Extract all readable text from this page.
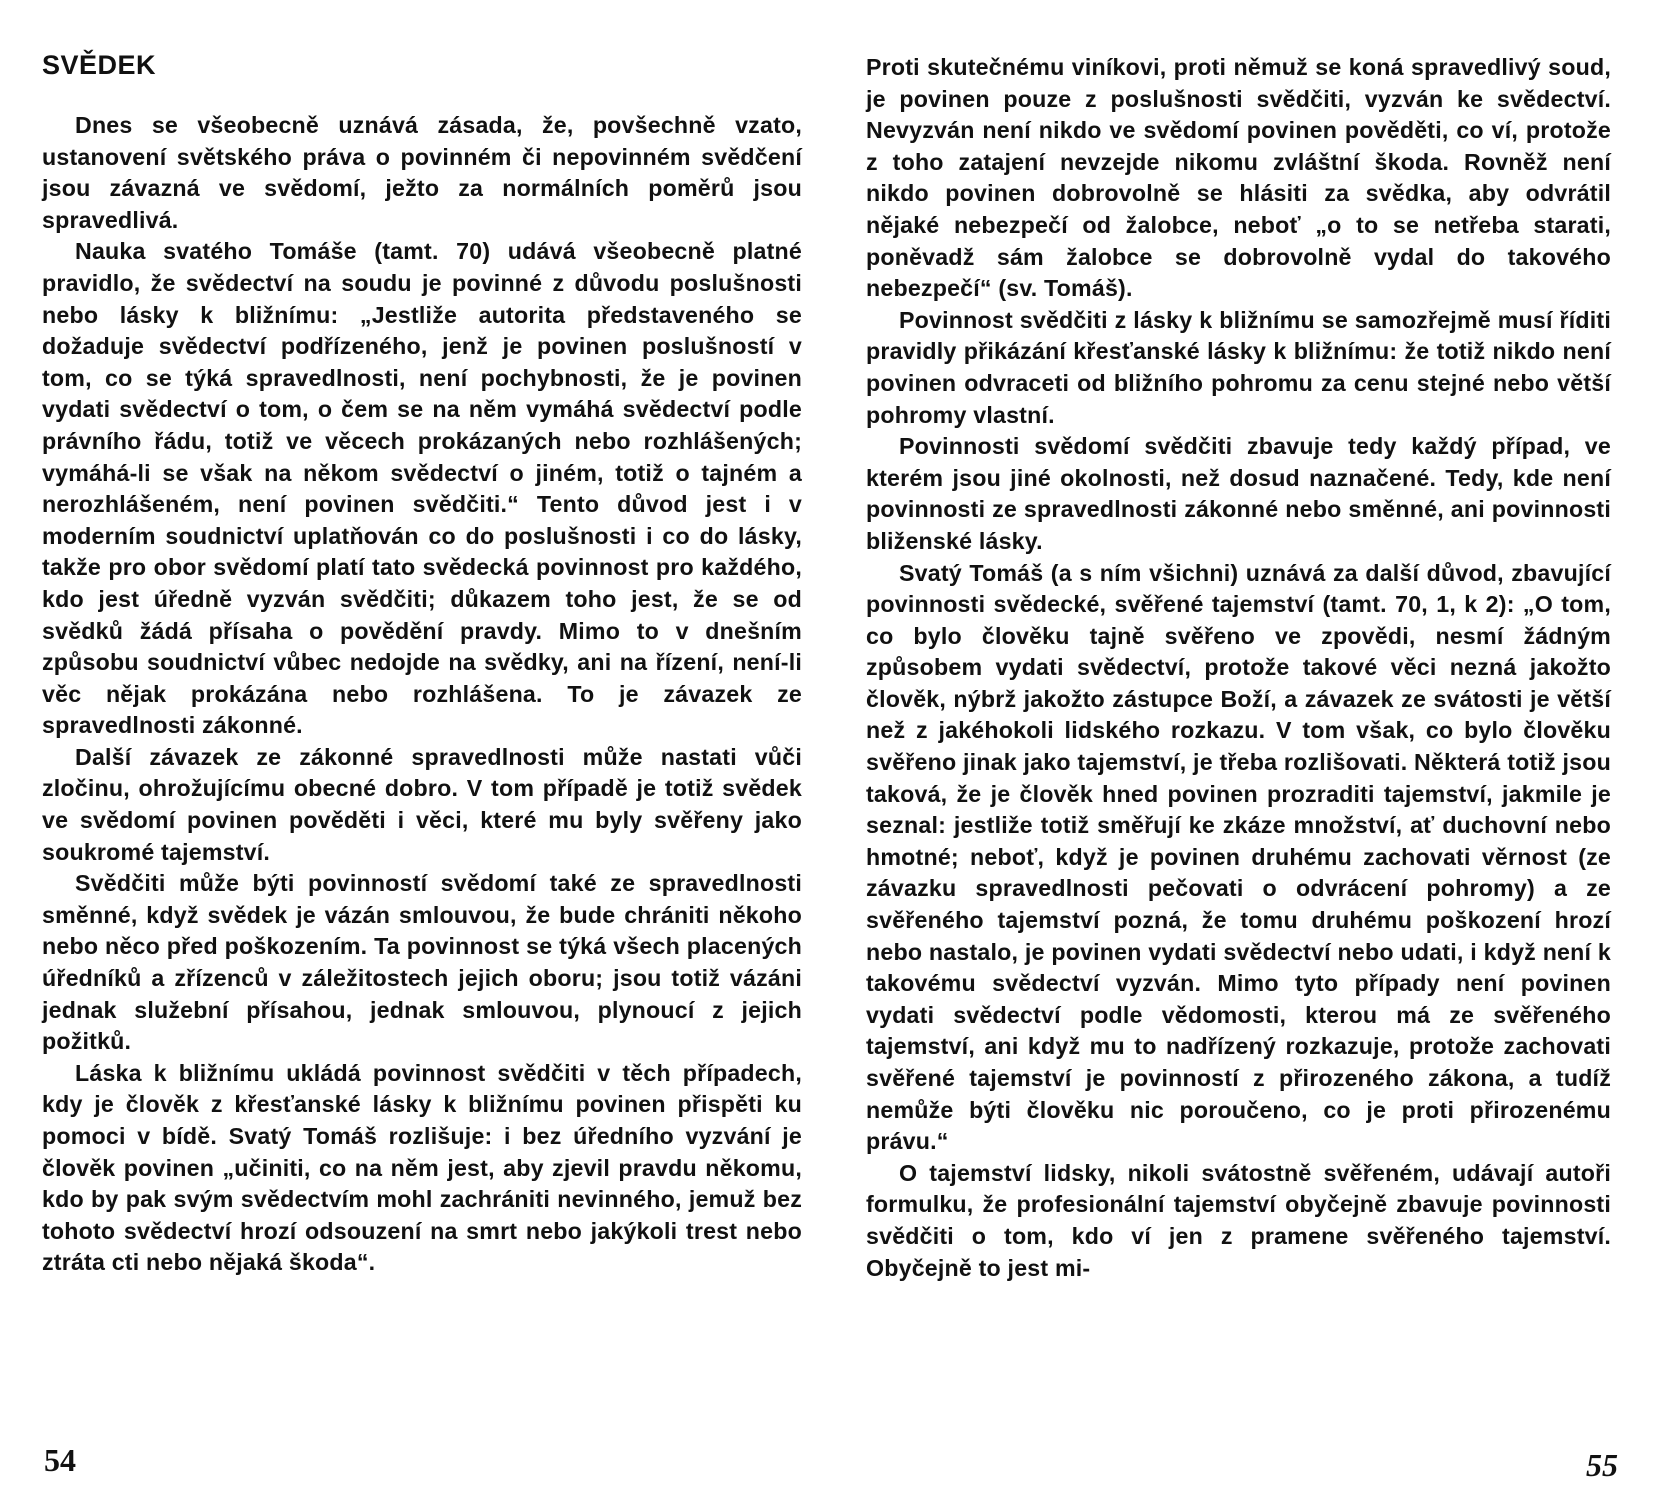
SVĚDEK

Dnes se všeobecně uznává zásada, že, povšechně vzato, ustanovení světského práva o povinném či nepovinném svědčení jsou závazná ve svědomí, ježto za normálních poměrů jsou spravedlivá.

Nauka svatého Tomáše (tamt. 70) udává všeobecně platné pravidlo, že svědectví na soudu je povinné z důvodu poslušnosti nebo lásky k bližnímu: „Jestliže autorita představeného se dožaduje svědectví podřízeného, jenž je povinen poslušností v tom, co se týká spravedlnosti, není pochybnosti, že je povinen vydati svědectví o tom, o čem se na něm vymáhá svědectví podle právního řádu, totiž ve věcech prokázaných nebo rozhlášených; vymáhá-li se však na někom svědectví o jiném, totiž o tajném a nerozhlášeném, není povinen svědčiti.“ Tento důvod jest i v moderním soudnictví uplatňován co do poslušnosti i co do lásky, takže pro obor svědomí platí tato svědecká povinnost pro každého, kdo jest úředně vyzván svědčiti; důkazem toho jest, že se od svědků žádá přísaha o povědění pravdy. Mimo to v dnešním způsobu soudnictví vůbec nedojde na svědky, ani na řízení, není-li věc nějak prokázána nebo rozhlášena. To je závazek ze spravedlnosti zákonné.

Další závazek ze zákonné spravedlnosti může nastati vůči zločinu, ohrožujícímu obecné dobro. V tom případě je totiž svědek ve svědomí povinen pověděti i věci, které mu byly svěřeny jako soukromé tajemství.

Svědčiti může býti povinností svědomí také ze spravedlnosti směnné, když svědek je vázán smlouvou, že bude chrániti někoho nebo něco před poškozením. Ta povinnost se týká všech placených úředníků a zřízenců v záležitostech jejich oboru; jsou totiž vázáni jednak služební přísahou, jednak smlouvou, plynoucí z jejich požitků.

Láska k bližnímu ukládá povinnost svědčiti v těch případech, kdy je člověk z křesťanské lásky k bližnímu povinen přispěti ku pomoci v bídě. Svatý Tomáš rozlišuje: i bez úředního vyzvání je člověk povinen „učiniti, co na něm jest, aby zjevil pravdu někomu, kdo by pak svým svědectvím mohl zachrániti nevinného, jemuž bez tohoto svědectví hrozí odsouzení na smrt nebo jakýkoli trest nebo ztráta cti nebo nějaká škoda“.

54

Proti skutečnému viníkovi, proti němuž se koná spravedlivý soud, je povinen pouze z poslušnosti svědčiti, vyzván ke svědectví. Nevyzván není nikdo ve svědomí povinen pověděti, co ví, protože z toho zatajení nevzejde nikomu zvláštní škoda. Rovněž není nikdo povinen dobrovolně se hlásiti za svědka, aby odvrátil nějaké nebezpečí od žalobce, neboť „o to se netřeba starati, poněvadž sám žalobce se dobrovolně vydal do takového nebezpečí“ (sv. Tomáš).

Povinnost svědčiti z lásky k bližnímu se samozřejmě musí říditi pravidly přikázání křesťanské lásky k bližnímu: že totiž nikdo není povinen odvraceti od bližního pohromu za cenu stejné nebo větší pohromy vlastní.

Povinnosti svědomí svědčiti zbavuje tedy každý případ, ve kterém jsou jiné okolnosti, než dosud naznačené. Tedy, kde není povinnosti ze spravedlnosti zákonné nebo směnné, ani povinnosti bliženské lásky.

Svatý Tomáš (a s ním všichni) uznává za další důvod, zbavující povinnosti svědecké, svěřené tajemství (tamt. 70, 1, k 2): „O tom, co bylo člověku tajně svěřeno ve zpovědi, nesmí žádným způsobem vydati svědectví, protože takové věci nezná jakožto člověk, nýbrž jakožto zástupce Boží, a závazek ze svátosti je větší než z jakéhokoli lidského rozkazu. V tom však, co bylo člověku svěřeno jinak jako tajemství, je třeba rozlišovati. Některá totiž jsou taková, že je člověk hned povinen prozraditi tajemství, jakmile je seznal: jestliže totiž směřují ke zkáze množství, ať duchovní nebo hmotné; neboť, když je povinen druhému zachovati věrnost (ze závazku spravedlnosti pečovati o odvrácení pohromy) a ze svěřeného tajemství pozná, že tomu druhému poškození hrozí nebo nastalo, je povinen vydati svědectví nebo udati, i když není k takovému svědectví vyzván. Mimo tyto případy není povinen vydati svědectví podle vědomosti, kterou má ze svěřeného tajemství, ani když mu to nadřízený rozkazuje, protože zachovati svěřené tajemství je povinností z přirozeného zákona, a tudíž nemůže býti člověku nic poroučeno, co je proti přirozenému právu.“

O tajemství lidsky, nikoli svátostně svěřeném, udávají autoři formulku, že profesionální tajemství obyčejně zbavuje povinnosti svědčiti o tom, kdo ví jen z pramene svěřeného tajemství. Obyčejně to jest mi-

55
